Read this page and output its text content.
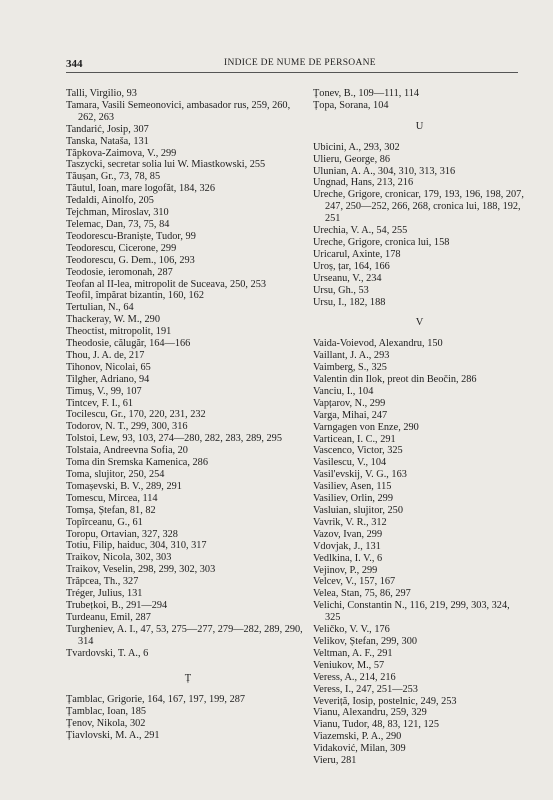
344	INDICE DE NUME DE PERSOANE
Talli, Virgilio, 93
Tamara, Vasili Semeonovici, ambasador rus, 259, 260, 262, 263
Tandarić, Josip, 307
Tanska, Nataša, 131
Tăpkova-Zaimova, V., 299
Taszycki, secretar solia lui W. Miastkowski, 255
Tăușan, Gr., 73, 78, 85
Tăutul, Ioan, mare logofăt, 184, 326
Tedaldi, Ainolfo, 205
Tejchman, Miroslav, 310
Telemac, Dan, 73, 75, 84
Teodorescu-Braniște, Tudor, 99
Teodorescu, Cicerone, 299
Teodorescu, G. Dem., 106, 293
Teodosie, ieromonah, 287
Teofan al II-lea, mitropolit de Suceava, 250, 253
Teofil, împărat bizantin, 160, 162
Tertulian, N., 64
Thackeray, W. M., 290
Theoctist, mitropolit, 191
Theodosie, călugăr, 164—166
Thou, J. A. de, 217
Tihonov, Nicolai, 65
Tilgher, Adriano, 94
Timuș, V., 99, 107
Tintcev, F. I., 61
Tocilescu, Gr., 170, 220, 231, 232
Todorov, N. T., 299, 300, 316
Tolstoi, Lew, 93, 103, 274—280, 282, 283, 289, 295
Tolstaia, Andreevna Sofia, 20
Toma din Sremska Kamenica, 286
Toma, slujitor, 250, 254
Tomașevski, B. V., 289, 291
Tomescu, Mircea, 114
Tomșa, Ștefan, 81, 82
Topîrceanu, G., 61
Toropu, Ortavian, 327, 328
Totiu, Filip, haiduc, 304, 310, 317
Traikov, Nicola, 302, 303
Traikov, Veselin, 298, 299, 302, 303
Trăpcea, Th., 327
Tréger, Julius, 131
Trubețkoi, B., 291—294
Turdeanu, Emil, 287
Turgheniev, A. I., 47, 53, 275—277, 279—282, 289, 290, 314
Tvardovski, T. A., 6
Ț
Țamblac, Grigorie, 164, 167, 197, 199, 287
Țamblac, Ioan, 185
Țenov, Nikola, 302
Țiavlovski, M. A., 291
Țonev, B., 109—111, 114
Țopa, Sorana, 104
U
Ubicini, A., 293, 302
Ulieru, George, 86
Ulunian, A. A., 304, 310, 313, 316
Ungnad, Hans, 213, 216
Ureche, Grigore, cronicar, 179, 193, 196, 198, 207, 247, 250—252, 266, 268, cronica lui, 188, 192, 251
Urechia, V. A., 54, 255
Ureche, Grigore, cronica lui, 158
Uricarul, Axinte, 178
Uroș, țar, 164, 166
Urseanu, V., 234
Ursu, Gh., 53
Ursu, I., 182, 188
V
Vaida-Voievod, Alexandru, 150
Vaillant, J. A., 293
Vaimberg, S., 325
Valentin din Ilok, preot din Beočin, 286
Vanciu, I., 104
Vapțarov, N., 299
Varga, Mihai, 247
Varngagen von Enze, 290
Varticean, I. C., 291
Vascenco, Victor, 325
Vasilescu, V., 104
Vasil'evskij, V. G., 163
Vasiliev, Asen, 115
Vasiliev, Orlin, 299
Vasluian, slujitor, 250
Vavrik, V. R., 312
Vazov, Ivan, 299
Vdovjak, J., 131
Vedlkina, I. V., 6
Vejinov, P., 299
Velcev, V., 157, 167
Velea, Stan, 75, 86, 297
Velichi, Constantin N., 116, 219, 299, 303, 324, 325
Veličko, V. V., 176
Velikov, Ștefan, 299, 300
Veltman, A. F., 291
Veniukov, M., 57
Veress, A., 214, 216
Veress, I., 247, 251—253
Veveriță, Iosip, postelnic, 249, 253
Vianu, Alexandru, 259, 329
Vianu, Tudor, 48, 83, 121, 125
Viazemski, P. A., 290
Vidaković, Milan, 309
Vieru, 281
